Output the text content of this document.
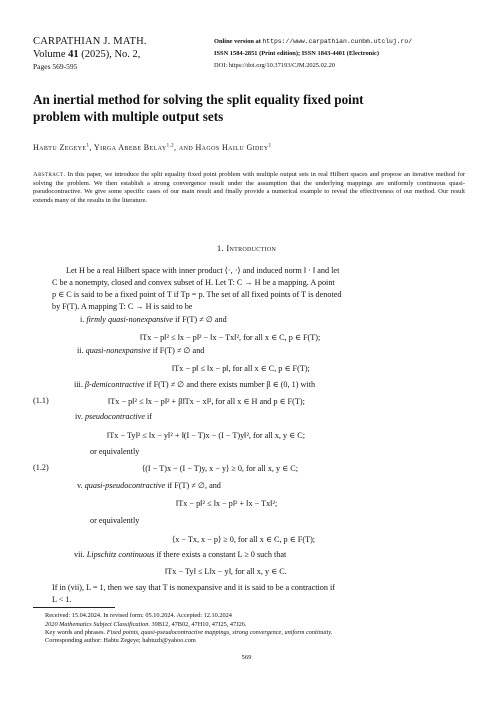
CARPATHIAN J. MATH.
Volume 41 (2025), No. 2,
Pages 569-595
Online version at https://www.carpathian.cunbm.utcluj.ro/
ISSN 1584-2851 (Print edition); ISSN 1843-4401 (Electronic)
DOI: https://doi.org/10.37193/CJM.2025.02.20
An inertial method for solving the split equality fixed point
problem with multiple output sets
Habtu Zegeye$^1$, Yirga Abebe Belay$^{1,2}$, and Hagos Hailu Gidey$^1$
Abstract. In this paper, we introduce the split equality fixed point problem with multiple output sets in real Hilbert spaces and propose an iterative method for solving the problem. We then establish a strong convergence result under the assumption that the underlying mappings are uniformly continuous quasi-pseudocontractive. We give some specific cases of our main result and finally provide a numerical example to reveal the effectiveness of our method. Our result extends many of the results in the literature.
1. Introduction
Let H be a real Hilbert space with inner product ⟨·, ·⟩ and induced norm ‖ · ‖ and let
C be a nonempty, closed and convex subset of H. Let T: C → H be a mapping. A point
p ∈ C is said to be a fixed point of T if Tp = p. The set of all fixed points of T is denoted
by F(T). A mapping T: C → H is said to be
i. firmly quasi-nonexpansive if F(T) ≠ ∅ and
‖Tx − p‖² ≤ ‖x − p‖² − ‖x − Tx‖², for all x ∈ C, p ∈ F(T);
ii. quasi-nonexpansive if F(T) ≠ ∅ and
‖Tx − p‖ ≤ ‖x − p‖, for all x ∈ C, p ∈ F(T);
iii. β-demicontractive if F(T) ≠ ∅ and there exists number β ∈ (0, 1) with
(1.1)	‖Tx − p‖² ≤ ‖x − p‖² + β‖Tx − x‖², for all x ∈ H and p ∈ F(T);
iv. pseudocontractive if
‖Tx − Ty‖² ≤ ‖x − y‖² + ‖(I − T)x − (I − T)y‖², for all x, y ∈ C;
or equivalently
(1.2)	⟨(I − T)x − (I − T)y, x − y⟩ ≥ 0, for all x, y ∈ C;
v. quasi-pseudocontractive if F(T) ≠ ∅, and
‖Tx − p‖² ≤ ‖x − p‖² + ‖x − Tx‖²;
or equivalently
⟨x − Tx, x − p⟩ ≥ 0, for all x ∈ C, p ∈ F(T);
vii. Lipschitz continuous if there exists a constant L ≥ 0 such that
‖Tx − Ty‖ ≤ L‖x − y‖, for all x, y ∈ C.
If in (vii), L = 1, then we say that T is nonexpansive and it is said to be a contraction if
L < 1.
Received: 15.04.2024. In revised form: 05.10.2024. Accepted: 12.10.2024
2020 Mathematics Subject Classification. 39B12, 47B02, 47H10, 47J25, 47J26.
Key words and phrases. Fixed points, quasi-pseudocontractive mappings, strong convergence, uniform continuity.
Corresponding author: Habtu Zegeye; habtuzh@yahoo.com
569
